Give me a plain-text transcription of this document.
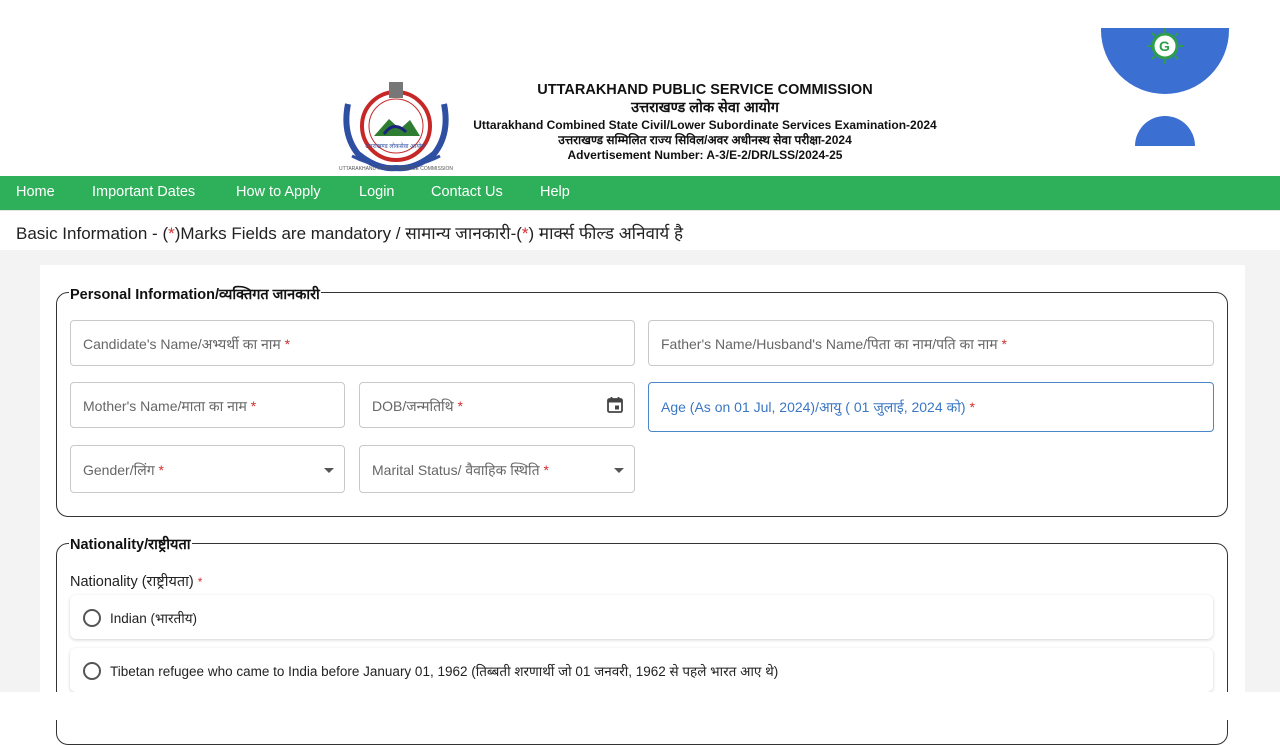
UTTARAKHAND PUBLIC SERVICE COMMISSION
उत्तराखण्ड लोकसेवा आयोग
UTTARAKHAND PUBLIC SERVICE COMMISSION
उत्तराखण्ड लोक सेवा आयोग
Uttarakhand Combined State Civil/Lower Subordinate Services Examination-2024
उत्तराखण्ड सम्मिलित राज्य सिविल/अवर अधीनस्थ सेवा परीक्षा-2024
Advertisement Number: A-3/E-2/DR/LSS/2024-25
G
Home	Important Dates	How to Apply	Login	Contact Us	Help
Basic Information - (*)Marks Fields are mandatory / सामान्य जानकारी-(*) मार्क्स फील्ड अनिवार्य है
Personal Information/व्यक्तिगत जानकारी
Candidate's Name/अभ्यर्थी का नाम *	Father's Name/Husband's Name/पिता का नाम/पति का नाम *
Mother's Name/माता का नाम *	DOB/जन्मतिथि *	Age (As on 01 Jul, 2024)/आयु ( 01 जुलाई, 2024 को) *
Gender/लिंग *	Marital Status/ वैवाहिक स्थिति *
Nationality/राष्ट्रीयता
Nationality (राष्ट्रीयता) *
Indian (भारतीय)
Tibetan refugee who came to India before January 01, 1962 (तिब्बती शरणार्थी जो 01 जनवरी, 1962 से पहले भारत आए थे)
